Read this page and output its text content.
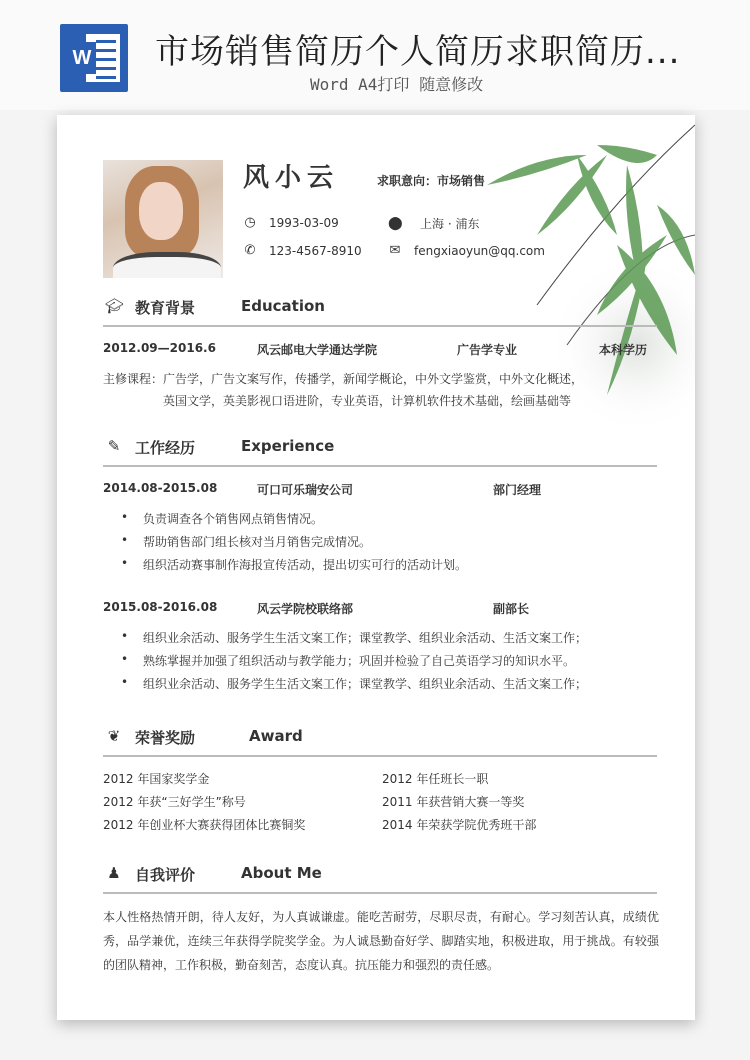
W 市场销售简历个人简历求职简历...
Word A4打印 随意修改
风小云	求职意向：市场销售
◷ 1993-03-09	⬤ 上海 · 浦东
✆ 123-4567-8910 ✉ fengxiaoyun@qq.com
🎓︎ 教育背景	Education
2012.09—2016.6	风云邮电大学通达学院	广告学专业	本科学历
主修课程：广告学，广告文案写作，传播学，新闻学概论，中外文学鉴赏，中外文化概述，
英国文学，英美影视口语进阶，专业英语，计算机软件技术基础，绘画基础等
✎ 工作经历	Experience
2014.08-2015.08	可口可乐瑞安公司	部门经理
• 负责调查各个销售网点销售情况。
• 帮助销售部门组长核对当月销售完成情况。
• 组织活动赛事制作海报宣传活动，提出切实可行的活动计划。
2015.08-2016.08	风云学院校联络部	副部长
• 组织业余活动、服务学生生活文案工作；课堂教学、组织业余活动、生活文案工作；
• 熟练掌握并加强了组织活动与教学能力；巩固并检验了自己英语学习的知识水平。
• 组织业余活动、服务学生生活文案工作；课堂教学、组织业余活动、生活文案工作；
❦ 荣誉奖励	Award
2012 年国家奖学金	2012 年任班长一职
2012 年获“三好学生”称号	2011 年获营销大赛一等奖
2012 年创业杯大赛获得团体比赛铜奖	2014 年荣获学院优秀班干部
♟ 自我评价	About Me
本人性格热情开朗，待人友好，为人真诚谦虚。能吃苦耐劳，尽职尽责，有耐心。学习刻苦认真，成绩优秀，品学兼优，连续三年获得学院奖学金。为人诚恳勤奋好学、脚踏实地，积极进取，用于挑战。有较强的团队精神，工作积极，勤奋刻苦，态度认真。抗压能力和强烈的责任感。
